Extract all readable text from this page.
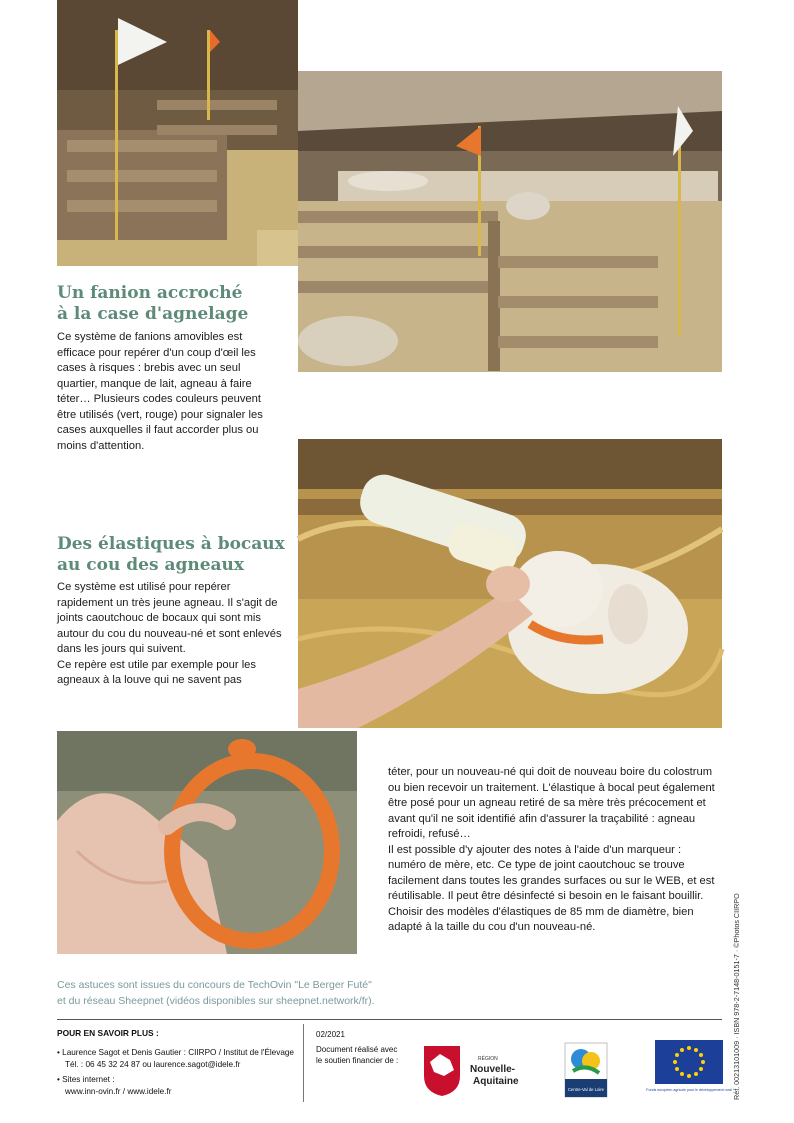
Un fanion accroché
à la case d'agnelage

Ce système de fanions amovibles est efficace pour repérer d'un coup d'œil les cases à risques : brebis avec un seul quartier, manque de lait, agneau à faire téter… Plusieurs codes couleurs peuvent être utilisés (vert, rouge) pour signaler les cases auxquelles il faut accorder plus ou moins d'attention.

Des élastiques à bocaux
au cou des agneaux

Ce système est utilisé pour repérer rapidement un très jeune agneau. Il s'agit de joints caoutchouc de bocaux qui sont mis autour du cou du nouveau-né et sont enlevés dans les jours qui suivent.

Ce repère est utile par exemple pour les agneaux à la louve qui ne savent pas

téter, pour un nouveau-né qui doit de nouveau boire du colostrum ou bien recevoir un traitement. L'élastique à bocal peut également être posé pour un agneau retiré de sa mère très précocement et avant qu'il ne soit identifié afin d'assurer la traçabilité : agneau refroidi, refusé…

Il est possible d'y ajouter des notes à l'aide d'un marqueur : numéro de mère, etc. Ce type de joint caoutchouc se trouve facilement dans toutes les grandes surfaces ou sur le WEB, et est réutilisable. Il peut être désinfecté si besoin en le faisant bouillir. Choisir des modèles d'élastiques de 85 mm de diamètre, bien adapté à la taille du cou d'un nouveau-né.

Ces astuces sont issues du concours de TechOvin "Le Berger Futé"
et du réseau Sheepnet (vidéos disponibles sur sheepnet.network/fr).
POUR EN SAVOIR PLUS :
• Laurence Sagot et Denis Gautier : CIIRPO / Institut de l'Élevage
Tél. : 06 45 32 24 87 ou laurence.sagot@idele.fr
• Sites internet :
www.inn-ovin.fr / www.idele.fr
02/2021
Document réalisé avec
le soutien financier de :	RÉGION
Nouvelle-
Aquitaine
Centre-Val de Loire	Fonds européen agricole pour le développement rural Réf. 00213101009 · ISBN 978-2-7148-0151-7 · ©Photos CIIRPO
